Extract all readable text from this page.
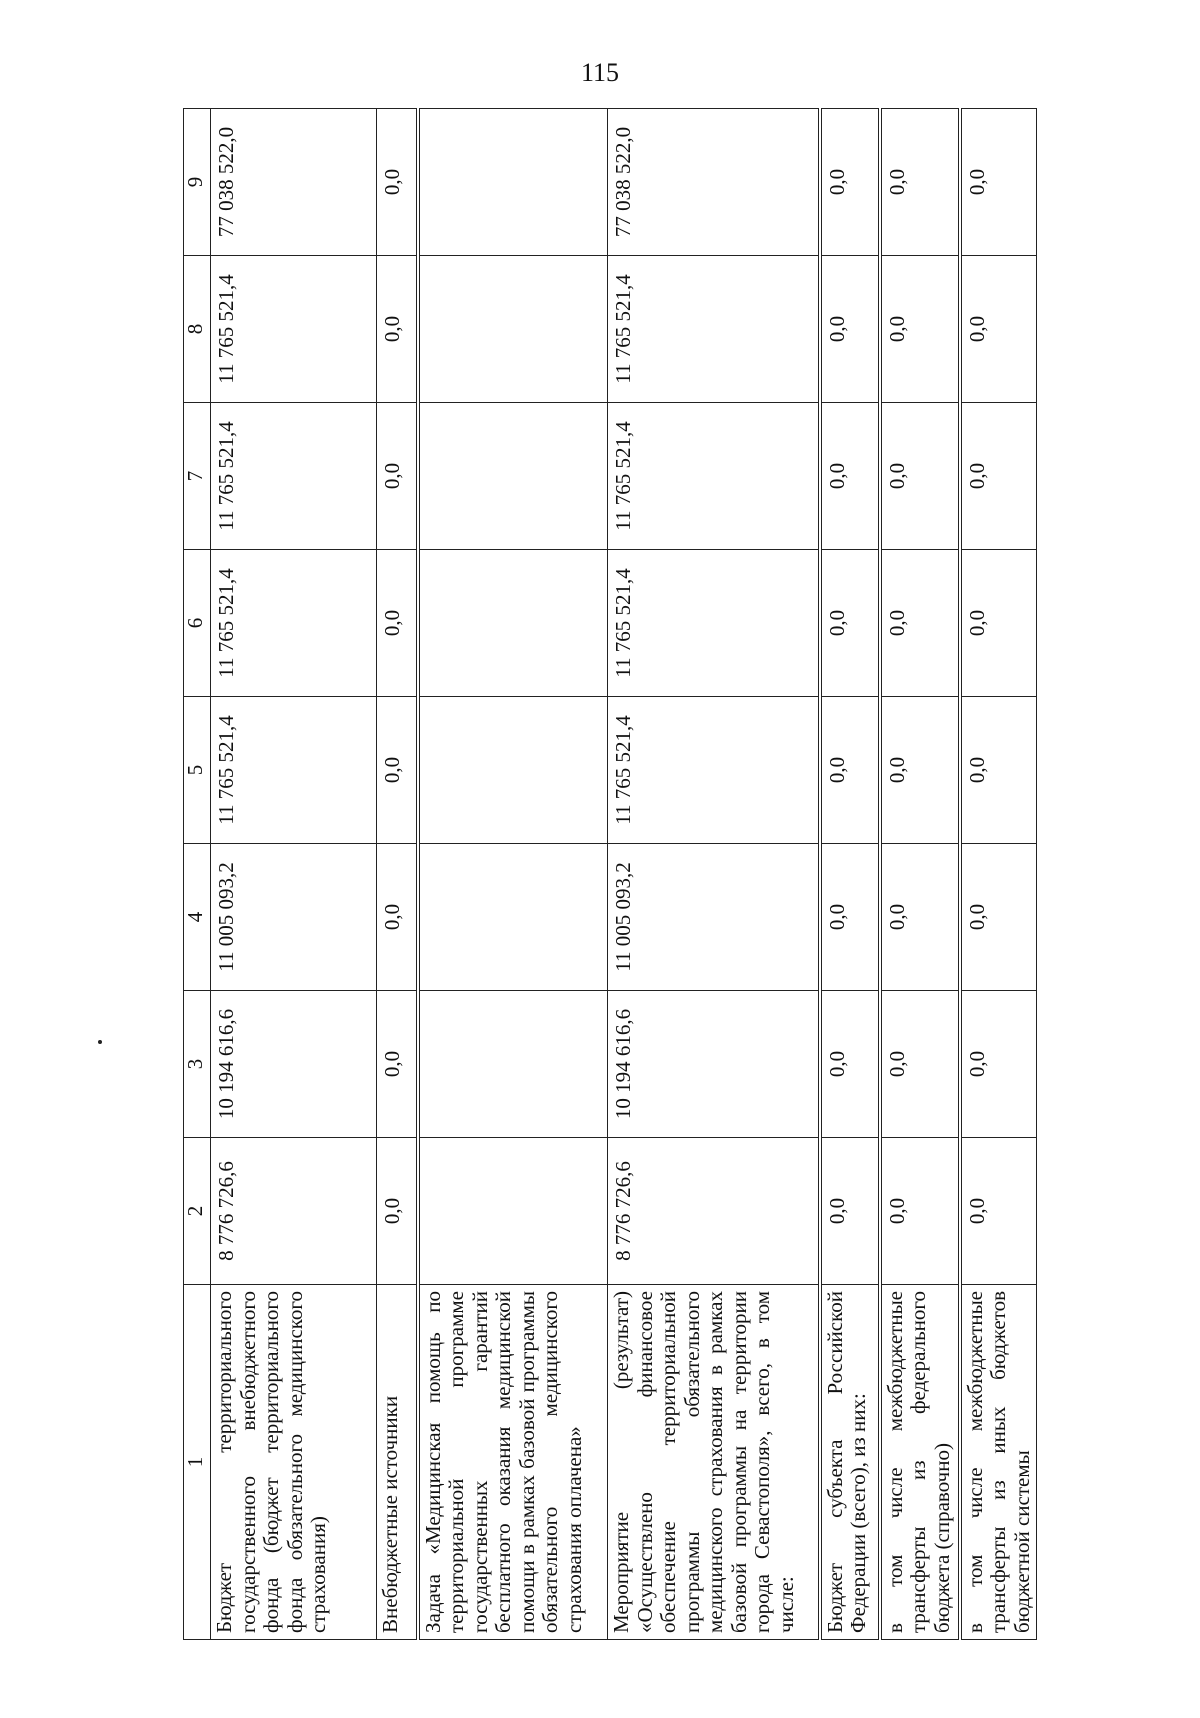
115
1	2	3	4	5	6	7	8	9
Бюджет территориального государственного внебюджетного фонда (бюджет территориального фонда обязательного медицинского страхования)	8 776 726,6	10 194 616,6	11 005 093,2	11 765 521,4	11 765 521,4	11 765 521,4	11 765 521,4	77 038 522,0
Внебюджетные источники	0,0	0,0	0,0	0,0	0,0	0,0	0,0	0,0
Задача «Медицинская помощь по территориальной программе государственных гарантий бесплатного оказания медицинской помощи в рамках базовой программы обязательного медицинского страхования оплачена»								
Мероприятие (результат) «Осуществлено финансовое обеспечение территориальной программы обязательного медицинского страхования в рамках базовой программы на территории города Севастополя», всего, в том числе:	8 776 726,6	10 194 616,6	11 005 093,2	11 765 521,4	11 765 521,4	11 765 521,4	11 765 521,4	77 038 522,0
Бюджет субъекта Российской Федерации (всего), из них:	0,0	0,0	0,0	0,0	0,0	0,0	0,0	0,0
в том числе межбюджетные трансферты из федерального бюджета (справочно)	0,0	0,0	0,0	0,0	0,0	0,0	0,0	0,0
в том числе межбюджетные трансферты из иных бюджетов бюджетной системы	0,0	0,0	0,0	0,0	0,0	0,0	0,0	0,0
